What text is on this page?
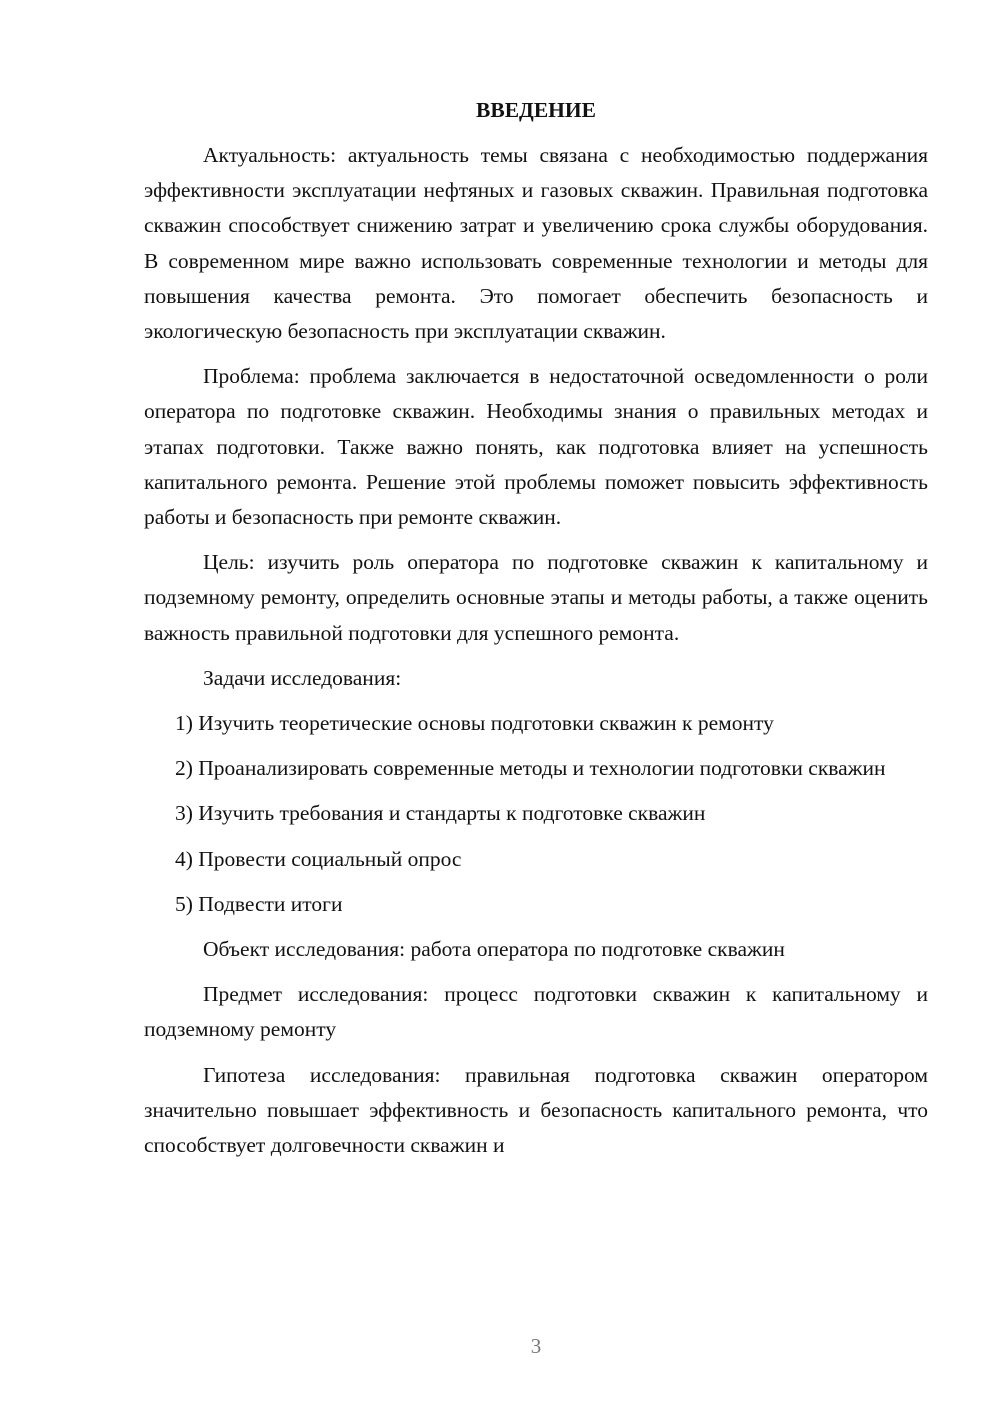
ВВЕДЕНИЕ

Актуальность: актуальность темы связана с необходимостью поддержания эффективности эксплуатации нефтяных и газовых скважин. Правильная подготовка скважин способствует снижению затрат и увеличению срока службы оборудования. В современном мире важно использовать современные технологии и методы для повышения качества ремонта. Это помогает обеспечить безопасность и экологическую безопасность при эксплуатации скважин.

Проблема: проблема заключается в недостаточной осведомленности о роли оператора по подготовке скважин. Необходимы знания о правильных методах и этапах подготовки. Также важно понять, как подготовка влияет на успешность капитального ремонта. Решение этой проблемы поможет повысить эффективность работы и безопасность при ремонте скважин.

Цель: изучить роль оператора по подготовке скважин к капитальному и подземному ремонту, определить основные этапы и методы работы, а также оценить важность правильной подготовки для успешного ремонта.

Задачи исследования:

1) Изучить теоретические основы подготовки скважин к ремонту

2) Проанализировать современные методы и технологии подготовки скважин

3) Изучить требования и стандарты к подготовке скважин

4) Провести социальный опрос

5) Подвести итоги

Объект исследования: работа оператора по подготовке скважин

Предмет исследования: процесс подготовки скважин к капитальному и подземному ремонту

Гипотеза исследования: правильная подготовка скважин оператором значительно повышает эффективность и безопасность капитального ремонта, что способствует долговечности скважин и

3
